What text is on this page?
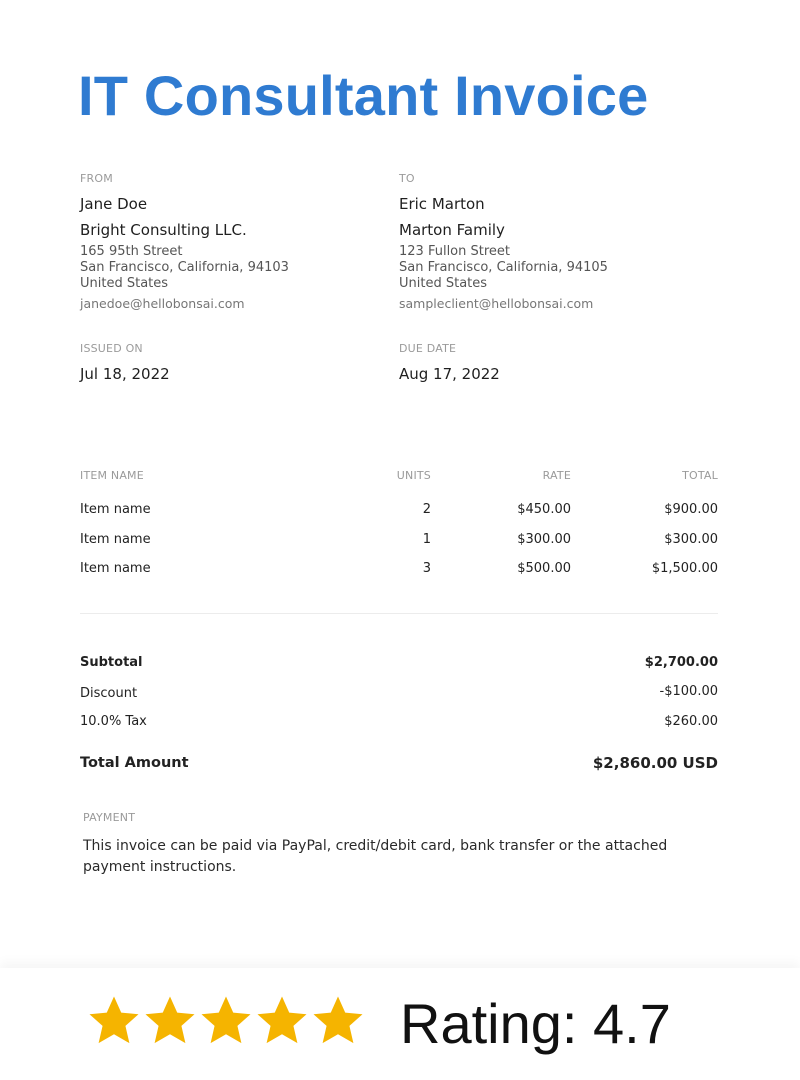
IT Consultant Invoice
FROM
Jane Doe
Bright Consulting LLC.
165 95th Street
San Francisco, California, 94103
United States
janedoe@hellobonsai.com
TO
Eric Marton
Marton Family
123 Fullon Street
San Francisco, California, 94105
United States
sampleclient@hellobonsai.com
ISSUED ON
Jul 18, 2022
DUE DATE
Aug 17, 2022
ITEM NAME	UNITS	RATE	TOTAL
Item name	2	$450.00	$900.00
Item name	1	$300.00	$300.00
Item name	3	$500.00	$1,500.00
Subtotal	$2,700.00
Discount	-$100.00
10.0% Tax	$260.00
Total Amount	$2,860.00 USD
PAYMENT
This invoice can be paid via PayPal, credit/debit card, bank transfer or the attached payment instructions.
Rating: 4.7
